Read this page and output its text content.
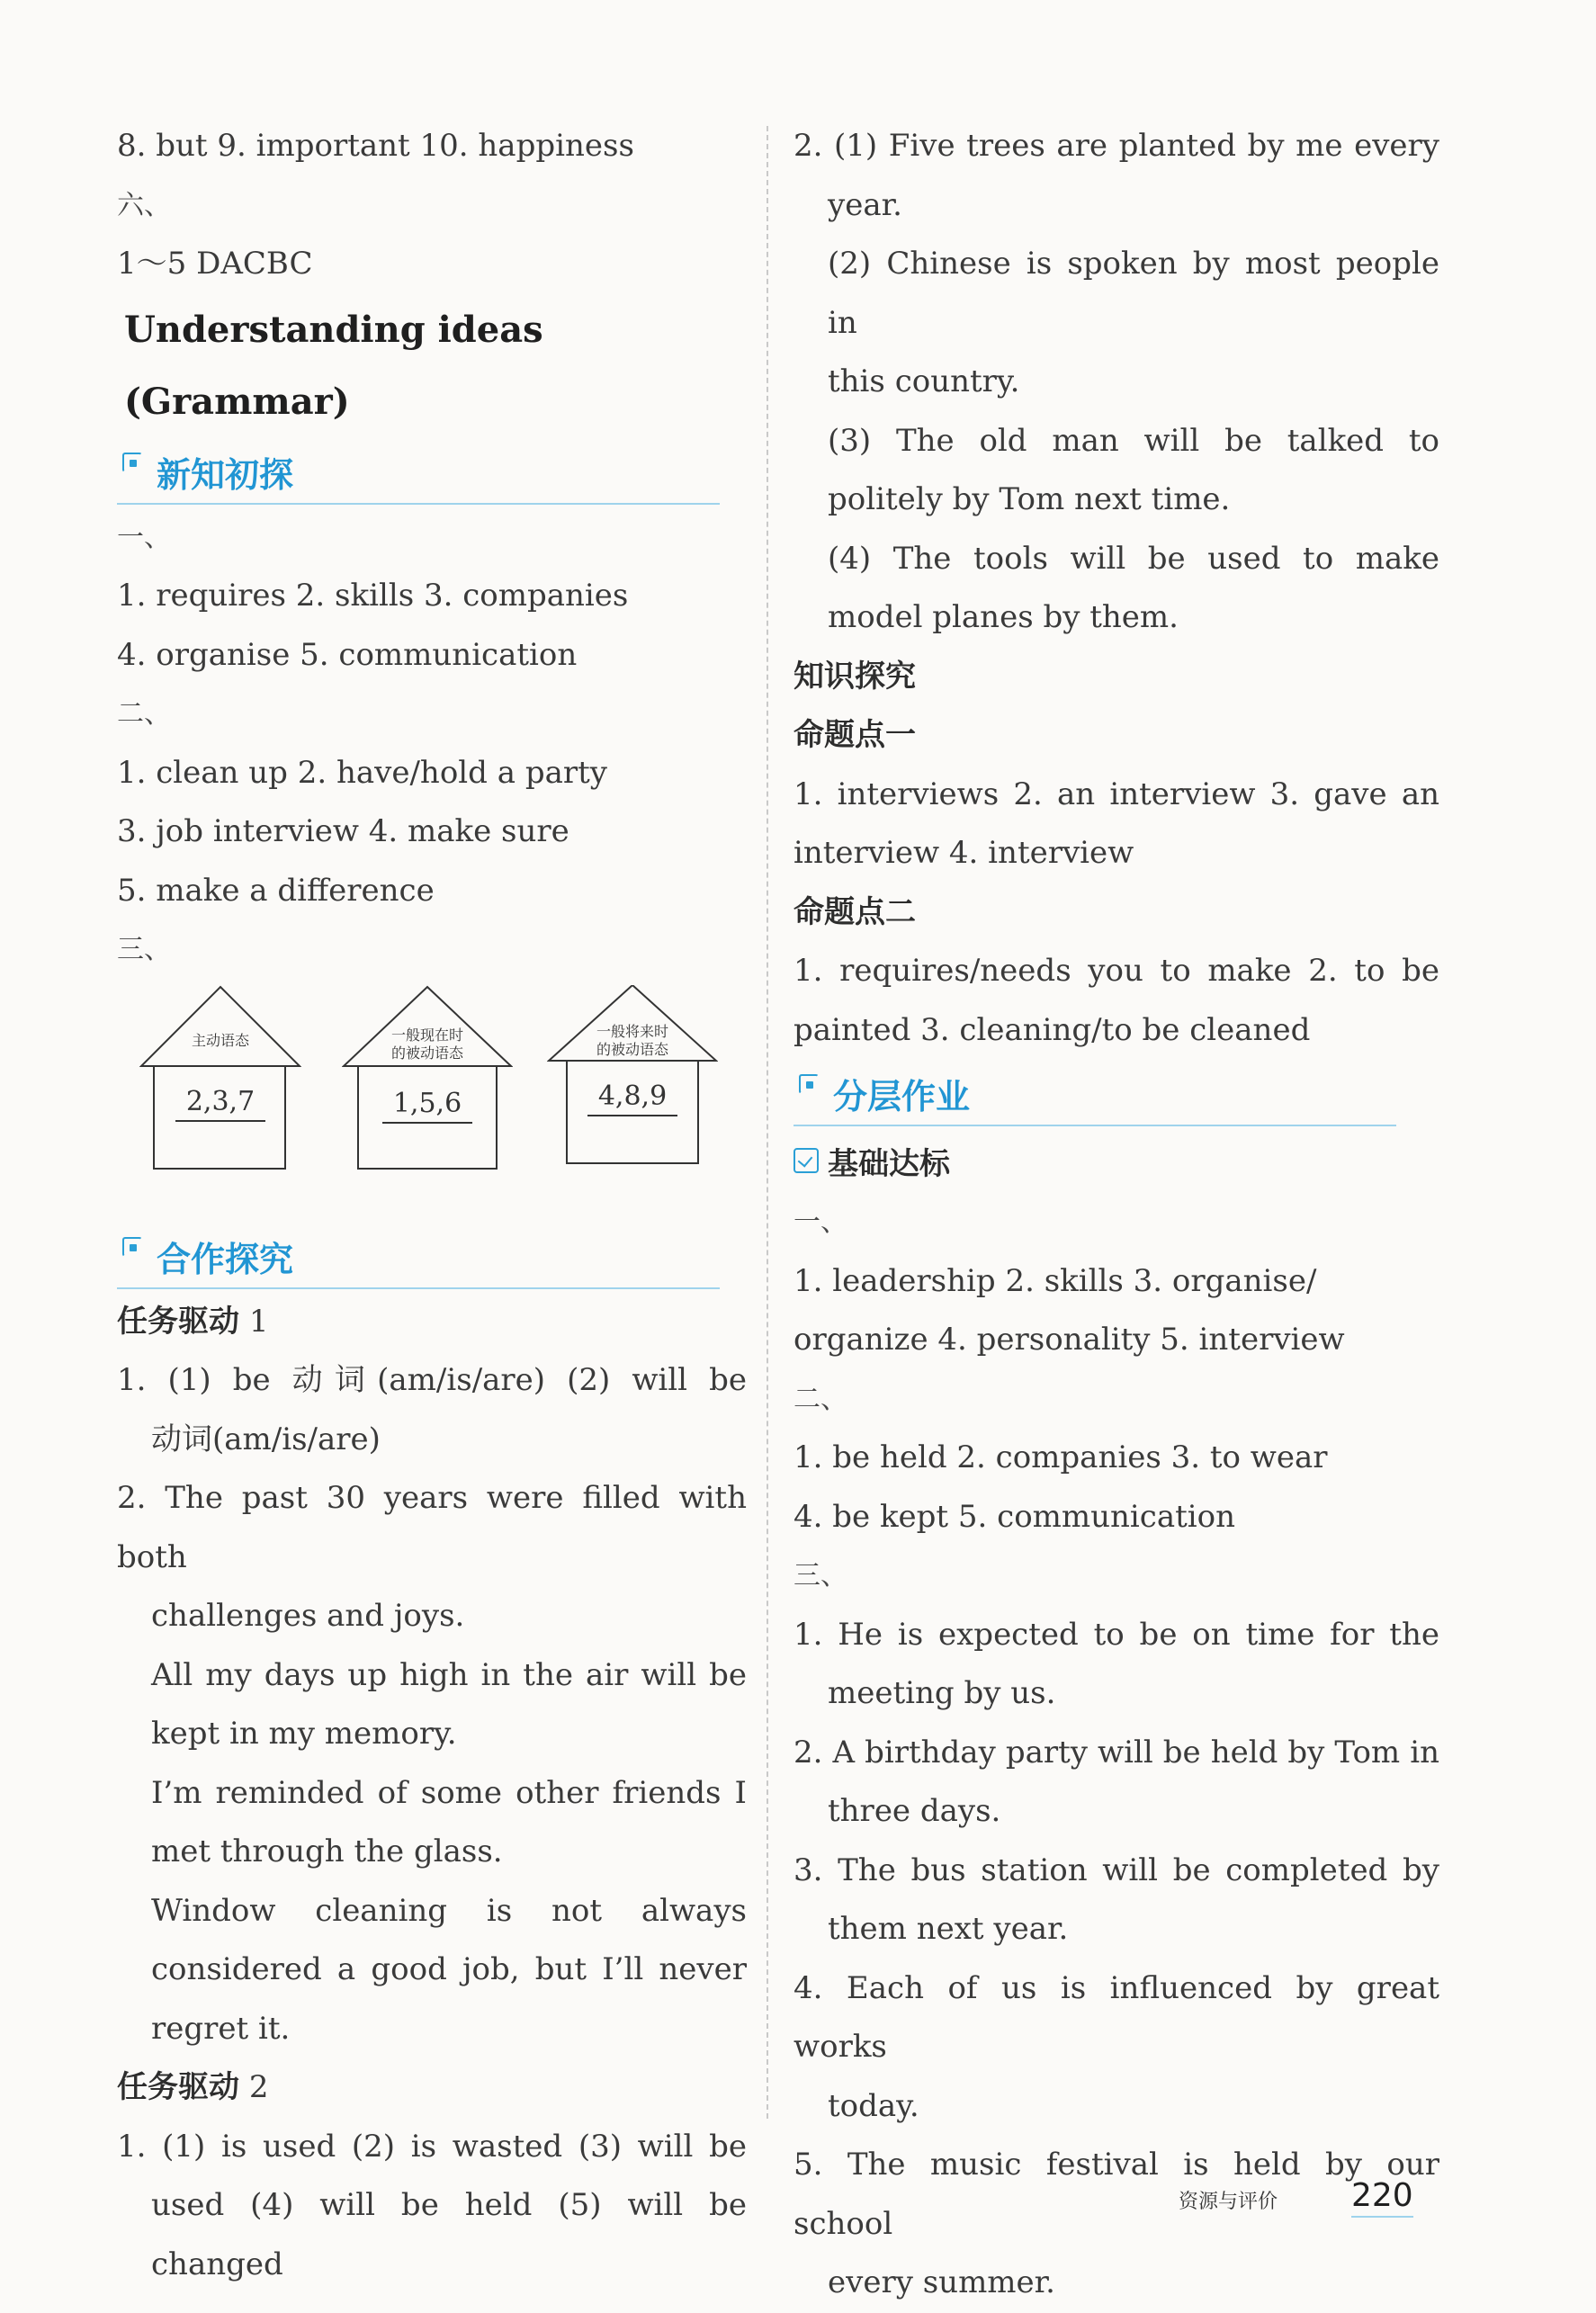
8. but 9. important 10. happiness
六、
1～5 DACBC
Understanding ideas (Grammar)
新知初探
一、
1. requires 2. skills 3. companies
4. organise 5. communication
二、
1. clean up 2. have/hold a party
3. job interview 4. make sure
5. make a difference
三、
主动语态
2,3,7
一般现在时
的被动语态
1,5,6
一般将来时
的被动语态
4,8,9
合作探究
任务驱动 1
1. (1) be 动词(am/is/are) (2) will be
动词(am/is/are)
2. The past 30 years were filled with both
challenges and joys.
All my days up high in the air will be
kept in my memory.
I’m reminded of some other friends I
met through the glass.
Window cleaning is not always
considered a good job, but I’ll never
regret it.
任务驱动 2
1. (1) is used (2) is wasted (3) will be
used (4) will be held (5) will be
changed
2. (1) Five trees are planted by me every
year.
(2) Chinese is spoken by most people in
this country.
(3) The old man will be talked to
politely by Tom next time.
(4) The tools will be used to make
model planes by them.
知识探究
命题点一
1. interviews 2. an interview 3. gave an
interview 4. interview
命题点二
1. requires/needs you to make 2. to be
painted 3. cleaning/to be cleaned
分层作业
基础达标
一、
1. leadership 2. skills 3. organise/
organize 4. personality 5. interview
二、
1. be held 2. companies 3. to wear
4. be kept 5. communication
三、
1. He is expected to be on time for the
meeting by us.
2. A birthday party will be held by Tom in
three days.
3. The bus station will be completed by
them next year.
4. Each of us is influenced by great works
today.
5. The music festival is held by our school
every summer.
资源与评价 220
